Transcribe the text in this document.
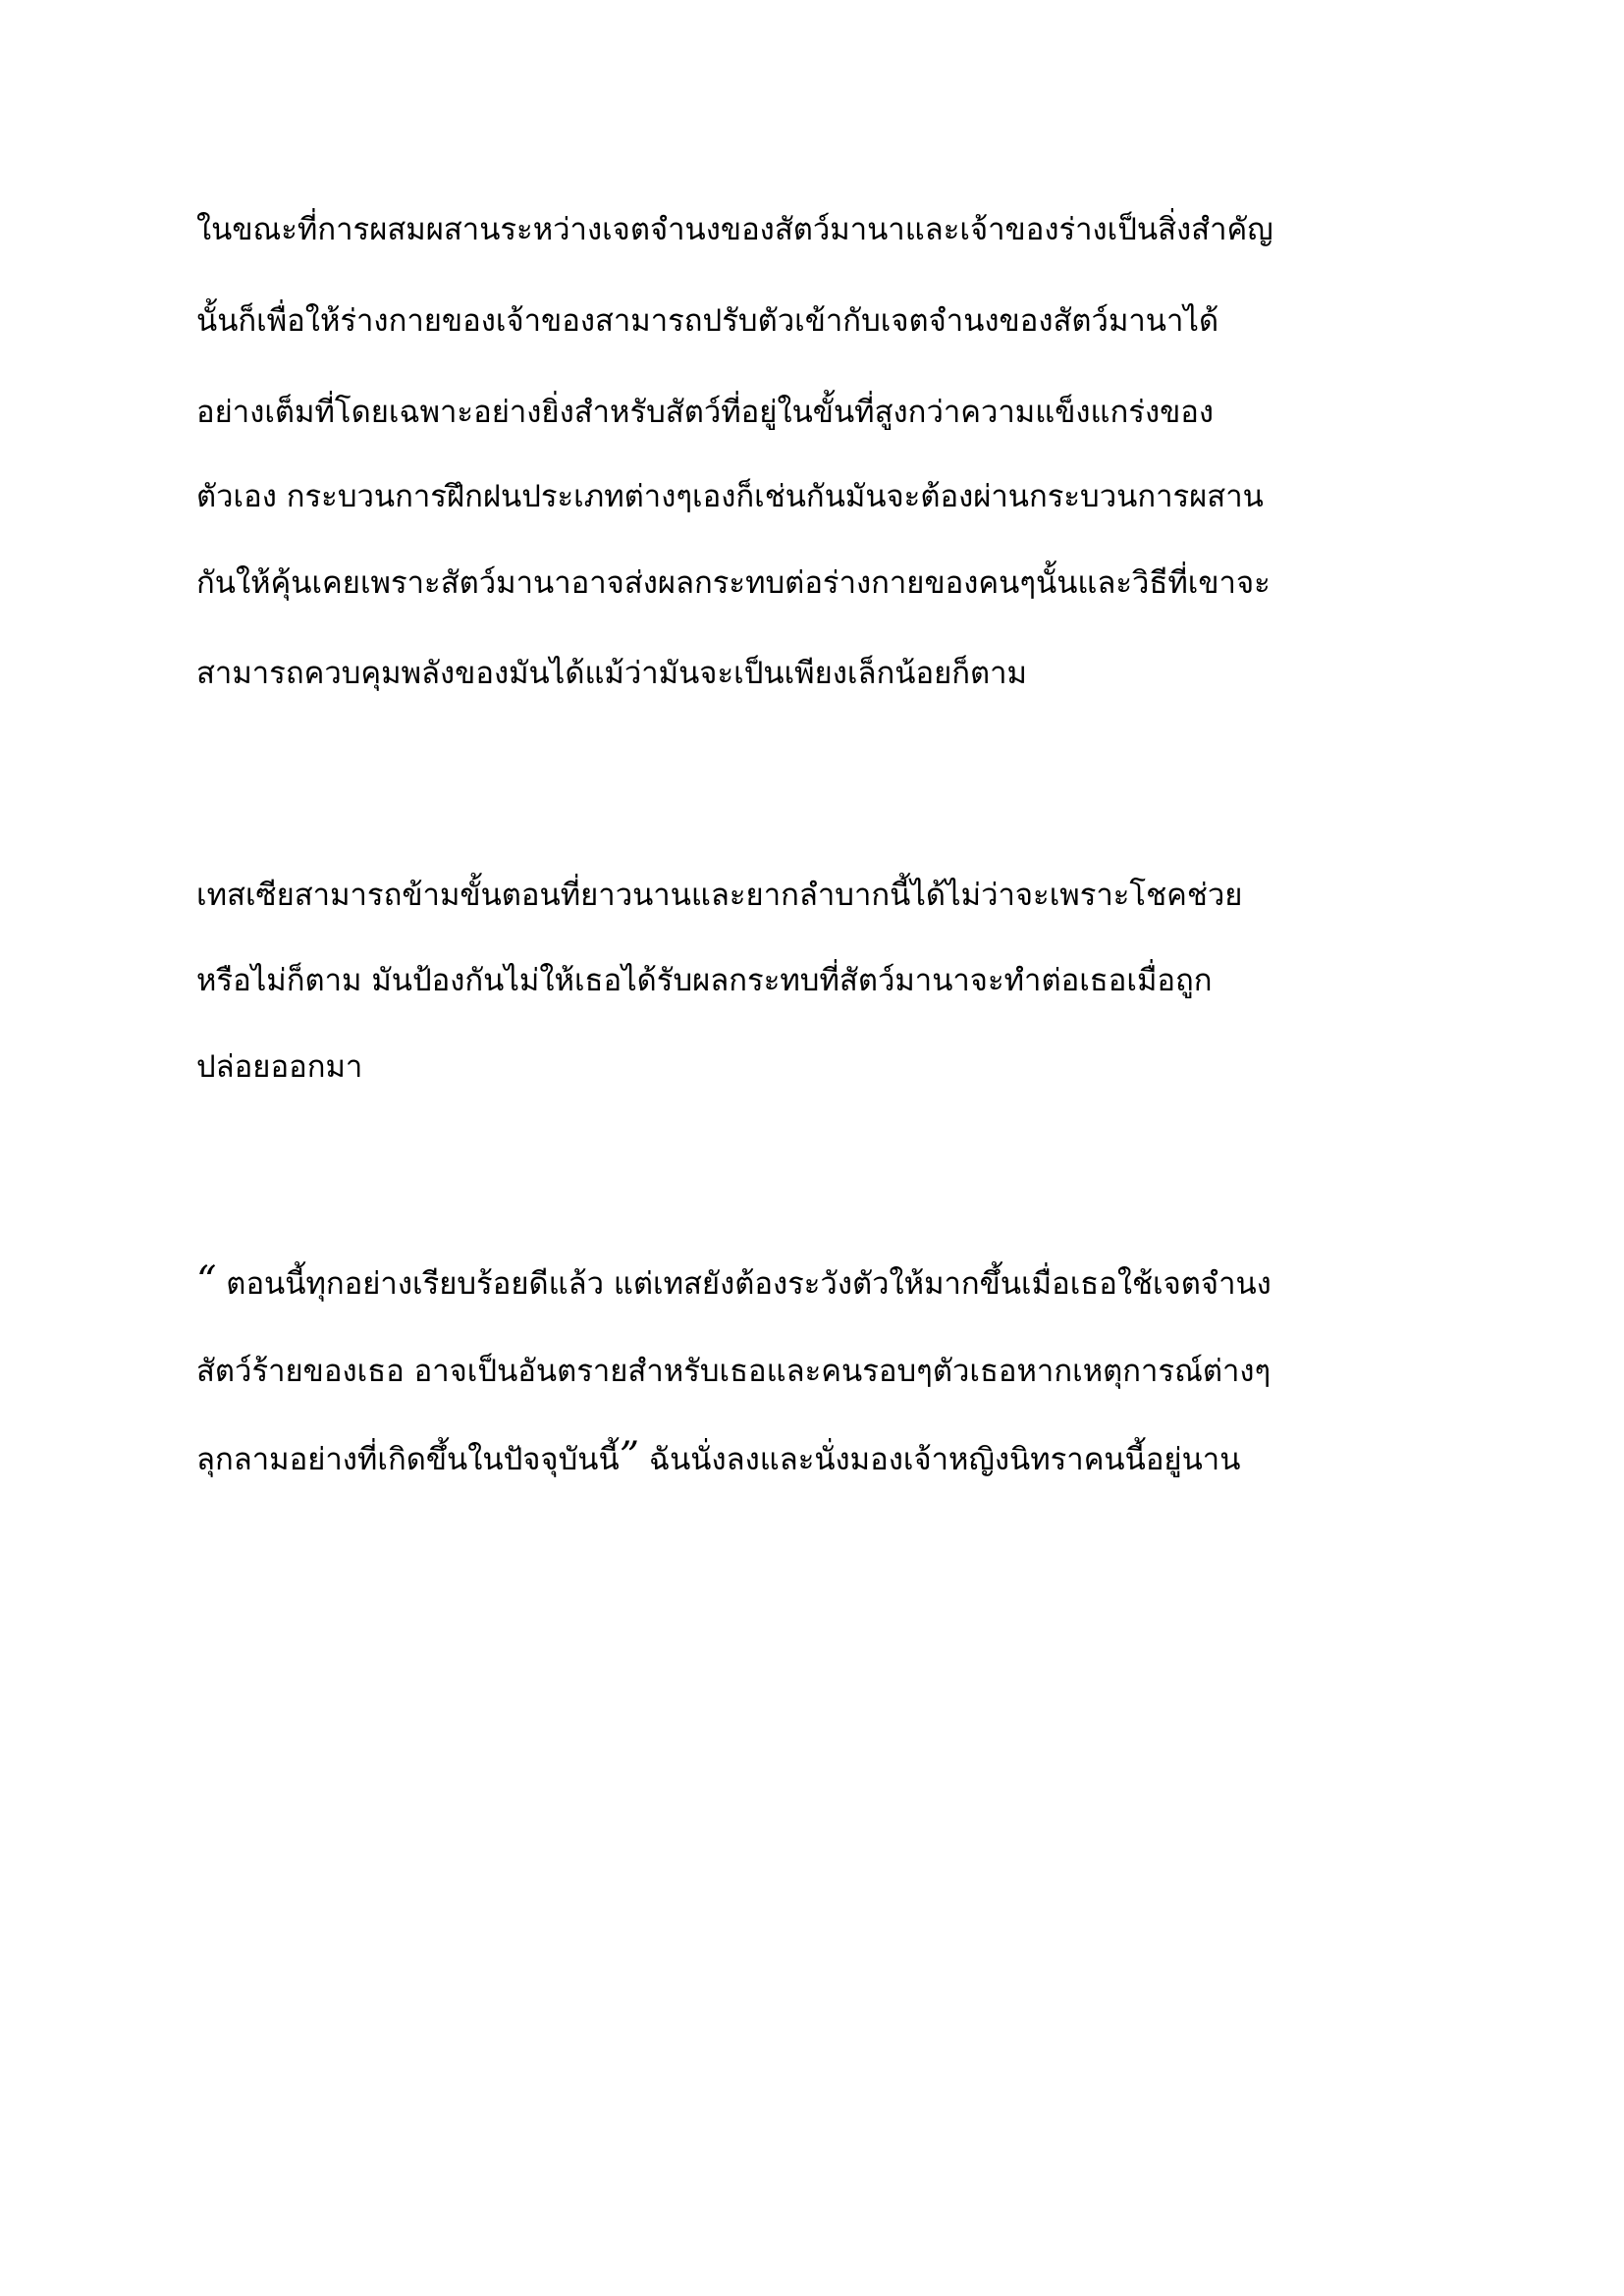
ในขณะที่การผสมผสานระหว่างเจตจำนงของสัตว์มานาและเจ้าของร่างเป็นสิ่งสำคัญ

นั้นก็เพื่อให้ร่างกายของเจ้าของสามารถปรับตัวเข้ากับเจตจำนงของสัตว์มานาได้

อย่างเต็มที่โดยเฉพาะอย่างยิ่งสำหรับสัตว์ที่อยู่ในขั้นที่สูงกว่าความแข็งแกร่งของ

ตัวเอง กระบวนการฝึกฝนประเภทต่างๆเองก็เช่นกันมันจะต้องผ่านกระบวนการผสาน

กันให้คุ้นเคยเพราะสัตว์มานาอาจส่งผลกระทบต่อร่างกายของคนๆนั้นและวิธีที่เขาจะ

สามารถควบคุมพลังของมันได้แม้ว่ามันจะเป็นเพียงเล็กน้อยก็ตาม

เทสเซียสามารถข้ามขั้นตอนที่ยาวนานและยากลำบากนี้ได้ไม่ว่าจะเพราะโชคช่วย

หรือไม่ก็ตาม มันป้องกันไม่ให้เธอได้รับผลกระทบที่สัตว์มานาจะทำต่อเธอเมื่อถูก

ปล่อยออกมา

“ ตอนนี้ทุกอย่างเรียบร้อยดีแล้ว แต่เทสยังต้องระวังตัวให้มากขึ้นเมื่อเธอใช้เจตจำนง

สัตว์ร้ายของเธอ อาจเป็นอันตรายสำหรับเธอและคนรอบๆตัวเธอหากเหตุการณ์ต่างๆ

ลุกลามอย่างที่เกิดขึ้นในปัจจุบันนี้” ฉันนั่งลงและนั่งมองเจ้าหญิงนิทราคนนี้อยู่นาน
